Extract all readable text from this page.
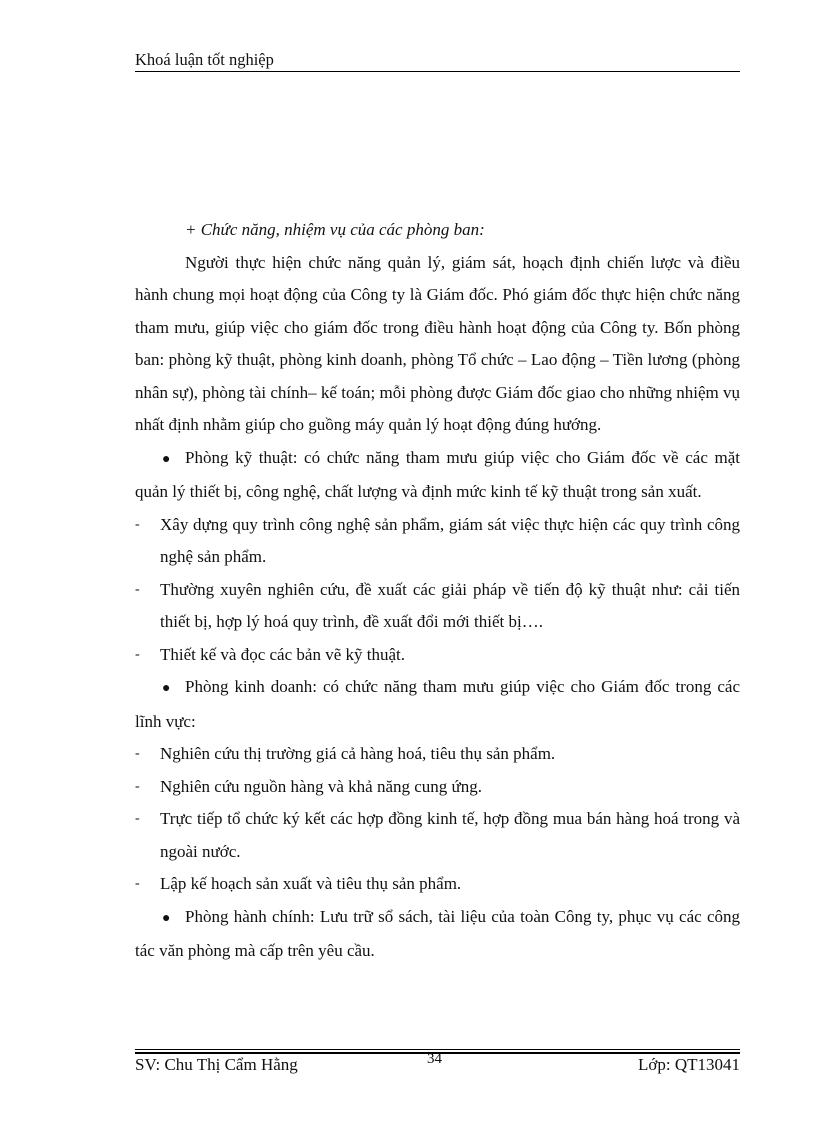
Khoá luận tốt nghiệp

+ Chức năng, nhiệm vụ của các phòng ban:

Người thực hiện chức năng quản lý, giám sát, hoạch định chiến lược và điều hành chung mọi hoạt động của Công ty là Giám đốc. Phó giám đốc thực hiện chức năng tham mưu, giúp việc cho giám đốc trong điều hành hoạt động của Công ty. Bốn phòng ban: phòng kỹ thuật, phòng kinh doanh, phòng Tổ chức – Lao động – Tiền lương (phòng nhân sự), phòng tài chính– kế toán; mỗi phòng được Giám đốc giao cho những nhiệm vụ nhất định nhằm giúp cho guồng máy quản lý hoạt động đúng hướng.

● Phòng kỹ thuật: có chức năng tham mưu giúp việc cho Giám đốc về các mặt quản lý thiết bị, công nghệ, chất lượng và định mức kinh tế kỹ thuật trong sản xuất.

- Xây dựng quy trình công nghệ sản phẩm, giám sát việc thực hiện các quy trình công nghệ sản phẩm.

- Thường xuyên nghiên cứu, đề xuất các giải pháp về tiến độ kỹ thuật như: cải tiến thiết bị, hợp lý hoá quy trình, đề xuất đổi mới thiết bị….

- Thiết kế và đọc các bản vẽ kỹ thuật.

● Phòng kinh doanh: có chức năng tham mưu giúp việc cho Giám đốc trong các lĩnh vực:

- Nghiên cứu thị trường giá cả hàng hoá, tiêu thụ sản phẩm.

- Nghiên cứu nguồn hàng và khả năng cung ứng.

- Trực tiếp tổ chức ký kết các hợp đồng kinh tế, hợp đồng mua bán hàng hoá trong và ngoài nước.

- Lập kế hoạch sản xuất và tiêu thụ sản phẩm.

● Phòng hành chính: Lưu trữ sổ sách, tài liệu của toàn Công ty, phục vụ các công tác văn phòng mà cấp trên yêu cầu.

SV: Chu Thị Cẩm Hằng	34	Lớp: QT13041
